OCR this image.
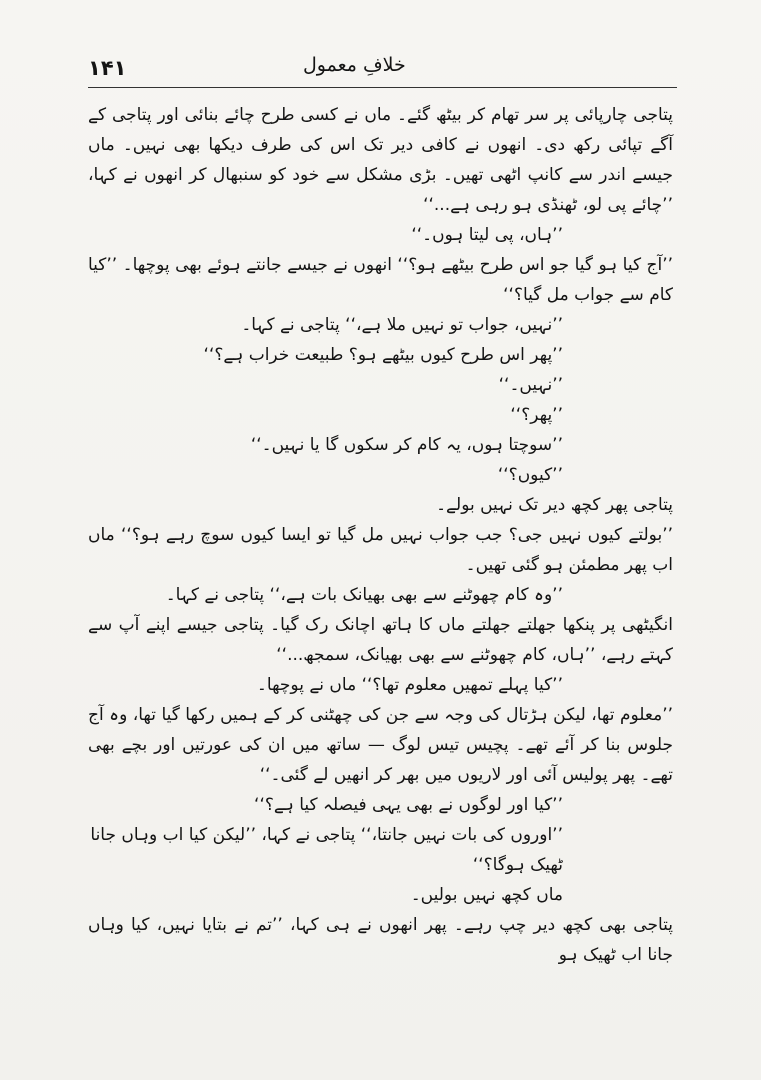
۱۴۱	خلافِ معمول

پتاجی چارپائی پر سر تھام کر بیٹھ گئے۔ ماں نے کسی طرح چائے بنائی اور پتاجی کے آگے تپائی رکھ دی۔ انھوں نے کافی دیر تک اس کی طرف دیکھا بھی نہیں۔ ماں جیسے اندر سے کانپ اٹھی تھیں۔ بڑی مشکل سے خود کو سنبھال کر انھوں نے کہا، ’’چائے پی لو، ٹھنڈی ہو رہی ہے...‘‘

’’ہاں، پی لیتا ہوں۔‘‘

’’آج کیا ہو گیا جو اس طرح بیٹھے ہو؟‘‘ انھوں نے جیسے جانتے ہوئے بھی پوچھا۔ ’’کیا کام سے جواب مل گیا؟‘‘

’’نہیں، جواب تو نہیں ملا ہے،‘‘ پتاجی نے کہا۔

’’پھر اس طرح کیوں بیٹھے ہو؟ طبیعت خراب ہے؟‘‘

’’نہیں۔‘‘

’’پھر؟‘‘

’’سوچتا ہوں، یہ کام کر سکوں گا یا نہیں۔‘‘

’’کیوں؟‘‘

پتاجی پھر کچھ دیر تک نہیں بولے۔

’’بولتے کیوں نہیں جی؟ جب جواب نہیں مل گیا تو ایسا کیوں سوچ رہے ہو؟‘‘ ماں اب پھر مطمئن ہو گئی تھیں۔

’’وہ کام چھوٹنے سے بھی بھیانک بات ہے،‘‘ پتاجی نے کہا۔

انگیٹھی پر پنکھا جھلتے جھلتے ماں کا ہاتھ اچانک رک گیا۔ پتاجی جیسے اپنے آپ سے کہتے رہے، ’’ہاں، کام چھوٹنے سے بھی بھیانک، سمجھ...‘‘

’’کیا پہلے تمھیں معلوم تھا؟‘‘ ماں نے پوچھا۔

’’معلوم تھا، لیکن ہڑتال کی وجہ سے جن کی چھٹنی کر کے ہمیں رکھا گیا تھا، وہ آج جلوس بنا کر آئے تھے۔ پچیس تیس لوگ — ساتھ میں ان کی عورتیں اور بچے بھی تھے۔ پھر پولیس آئی اور لاریوں میں بھر کر انھیں لے گئی۔‘‘

’’کیا اور لوگوں نے بھی یہی فیصلہ کیا ہے؟‘‘

’’اوروں کی بات نہیں جانتا،‘‘ پتاجی نے کہا، ’’لیکن کیا اب وہاں جانا ٹھیک ہوگا؟‘‘

ماں کچھ نہیں بولیں۔

پتاجی بھی کچھ دیر چپ رہے۔ پھر انھوں نے ہی کہا، ’’تم نے بتایا نہیں، کیا وہاں جانا اب ٹھیک ہو
